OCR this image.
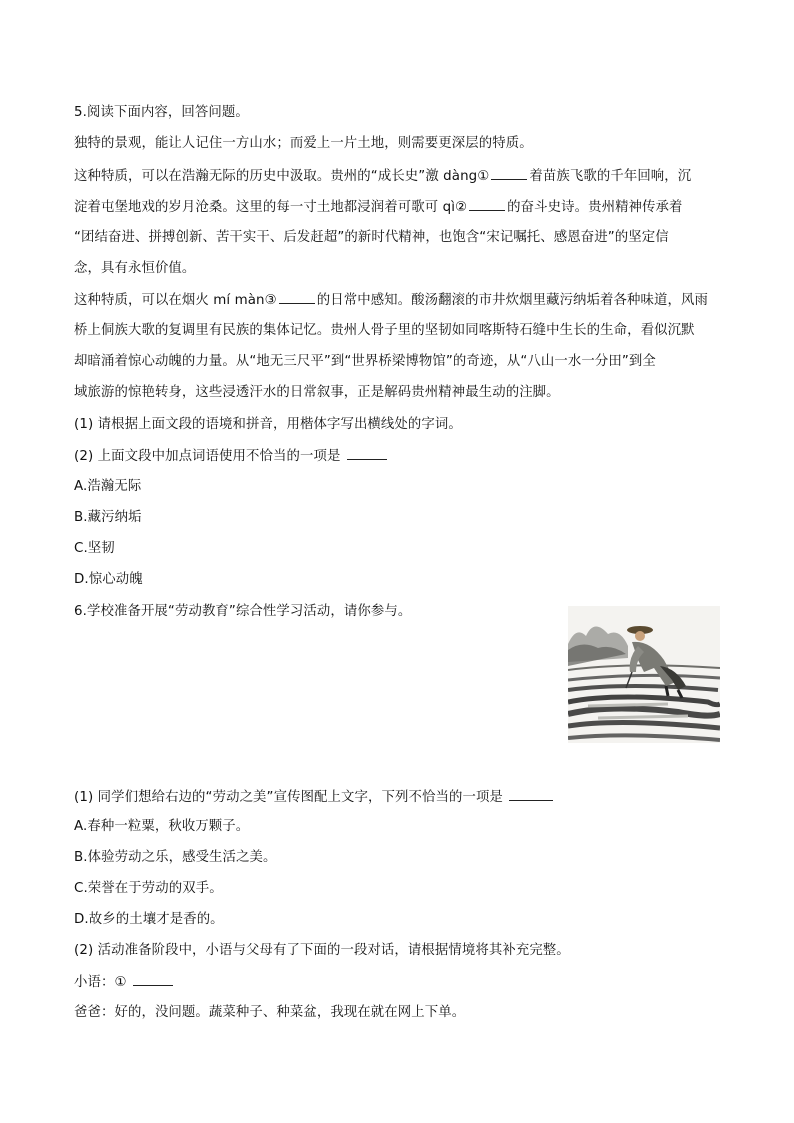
5.阅读下面内容，回答问题。
独特的景观，能让人记住一方山水；而爱上一片土地，则需要更深层的特质。
这种特质，可以在浩瀚无际的历史中汲取。贵州的“成长史”激 dàng①	着苗族飞歌的千年回响，沉
淀着屯堡地戏的岁月沧桑。这里的每一寸土地都浸润着可歌可 qì②	的奋斗史诗。贵州精神传承着
“团结奋进、拼搏创新、苦干实干、后发赶超”的新时代精神，也饱含“宋记嘱托、感恩奋进”的坚定信
念，具有永恒价值。
这种特质，可以在烟火 mí màn③	的日常中感知。酸汤翻滚的市井炊烟里藏污纳垢着各种味道，风雨
桥上侗族大歌的复调里有民族的集体记忆。贵州人骨子里的坚韧如同喀斯特石缝中生长的生命，看似沉默
却暗涌着惊心动魄的力量。从“地无三尺平”到“世界桥梁博物馆”的奇迹，从“八山一水一分田”到全
域旅游的惊艳转身，这些浸透汗水的日常叙事，正是解码贵州精神最生动的注脚。
(1) 请根据上面文段的语境和拼音，用楷体字写出横线处的字词。
(2) 上面文段中加点词语使用不恰当的一项是
A.浩瀚无际
B.藏污纳垢
C.坚韧
D.惊心动魄
6.学校准备开展“劳动教育”综合性学习活动，请你参与。
(1) 同学们想给右边的“劳动之美”宣传图配上文字，下列不恰当的一项是
A.春种一粒粟，秋收万颗子。
B.体验劳动之乐，感受生活之美。
C.荣誉在于劳动的双手。
D.故乡的土壤才是香的。
(2) 活动准备阶段中，小语与父母有了下面的一段对话，请根据情境将其补充完整。
小语：①
爸爸：好的，没问题。蔬菜种子、种菜盆，我现在就在网上下单。
